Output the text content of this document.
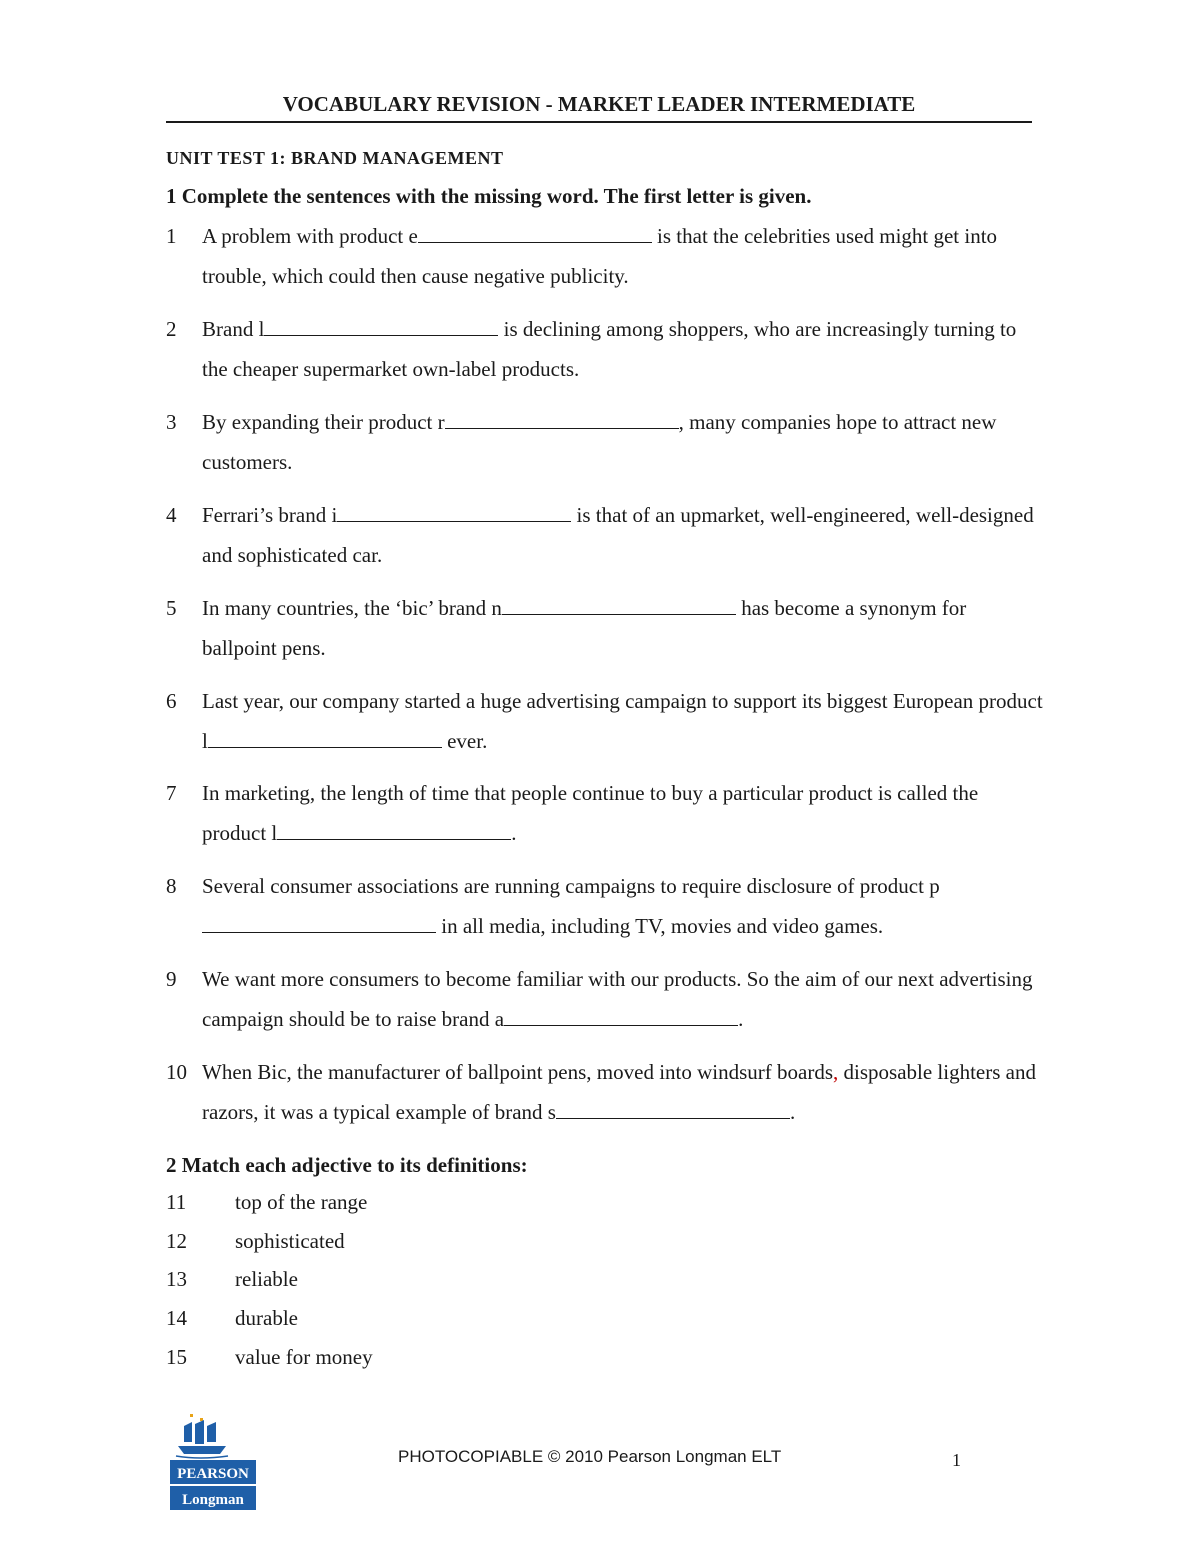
VOCABULARY REVISION - MARKET LEADER INTERMEDIATE
UNIT TEST 1: BRAND MANAGEMENT
1 Complete the sentences with the missing word. The first letter is given.
1 A problem with product e	is that the celebrities used might get into trouble, which could then cause negative publicity.
2 Brand l	is declining among shoppers, who are increasingly turning to the cheaper supermarket own-label products.
3 By expanding their product r	, many companies hope to attract new customers.
4 Ferrari’s brand i	is that of an upmarket, well-engineered, well-designed and sophisticated car.
5 In many countries, the ‘bic’ brand n	has become a synonym for ballpoint pens.
6 Last year, our company started a huge advertising campaign to support its biggest European product l	ever.
7 In marketing, the length of time that people continue to buy a particular product is called the product l	.
8 Several consumer associations are running campaigns to require disclosure of product p in all media, including TV, movies and video games.
9 We want more consumers to become familiar with our products. So the aim of our next advertising campaign should be to raise brand a	.
10 When Bic, the manufacturer of ballpoint pens, moved into windsurf boards, disposable lighters and razors, it was a typical example of brand s	.
2 Match each adjective to its definitions:
11 top of the range
12 sophisticated
13 reliable
14 durable
15 value for money
PEARSON
Longman
PHOTOCOPIABLE © 2010 Pearson Longman ELT	1
